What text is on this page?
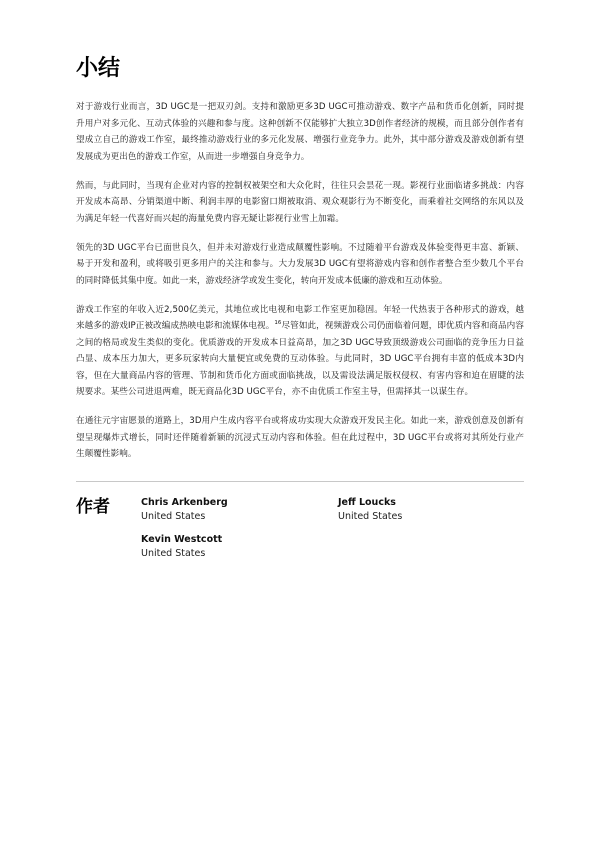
小结

对于游戏行业而言，3D UGC是一把双刃剑。支持和激励更多3D UGC可推动游戏、数字产品和货币化创新，同时提升用户对多元化、互动式体验的兴趣和参与度。这种创新不仅能够扩大独立3D创作者经济的规模，而且部分创作者有望成立自己的游戏工作室，最终推动游戏行业的多元化发展、增强行业竞争力。此外，其中部分游戏及游戏创新有望发展成为更出色的游戏工作室，从而进一步增强自身竞争力。

然而，与此同时，当现有企业对内容的控制权被架空和大众化时，往往只会昙花一现。影视行业面临诸多挑战：内容开发成本高昂、分销渠道中断、利润丰厚的电影窗口期被取消、观众观影行为不断变化，而乘着社交网络的东风以及为满足年轻一代喜好而兴起的海量免费内容无疑让影视行业雪上加霜。

领先的3D UGC平台已面世良久，但并未对游戏行业造成颠覆性影响。不过随着平台游戏及体验变得更丰富、新颖、易于开发和盈利，或将吸引更多用户的关注和参与。大力发展3D UGC有望将游戏内容和创作者整合至少数几个平台的同时降低其集中度。如此一来，游戏经济学或发生变化，转向开发成本低廉的游戏和互动体验。

游戏工作室的年收入近2,500亿美元，其地位或比电视和电影工作室更加稳固。年轻一代热衷于各种形式的游戏，越来越多的游戏IP正被改编成热映电影和流媒体电视。$^{16}$尽管如此，视频游戏公司仍面临着问题，即优质内容和商品内容之间的格局或发生类似的变化。优质游戏的开发成本日益高昂，加之3D UGC导致顶级游戏公司面临的竞争压力日益凸显、成本压力加大，更多玩家转向大量便宜或免费的互动体验。与此同时，3D UGC平台拥有丰富的低成本3D内容，但在大量商品内容的管理、节制和货币化方面或面临挑战，以及需设法满足版权侵权、有害内容和迫在眉睫的法规要求。某些公司进退两难，既无商品化3D UGC平台，亦不由优质工作室主导，但需择其一以谋生存。

在通往元宇宙愿景的道路上，3D用户生成内容平台或将成功实现大众游戏开发民主化。如此一来，游戏创意及创新有望呈现爆炸式增长，同时还伴随着新颖的沉浸式互动内容和体验。但在此过程中，3D UGC平台或将对其所处行业产生颠覆性影响。

作者	Chris Arkenberg
United States
Jeff Loucks
United States
Kevin Westcott
United States
